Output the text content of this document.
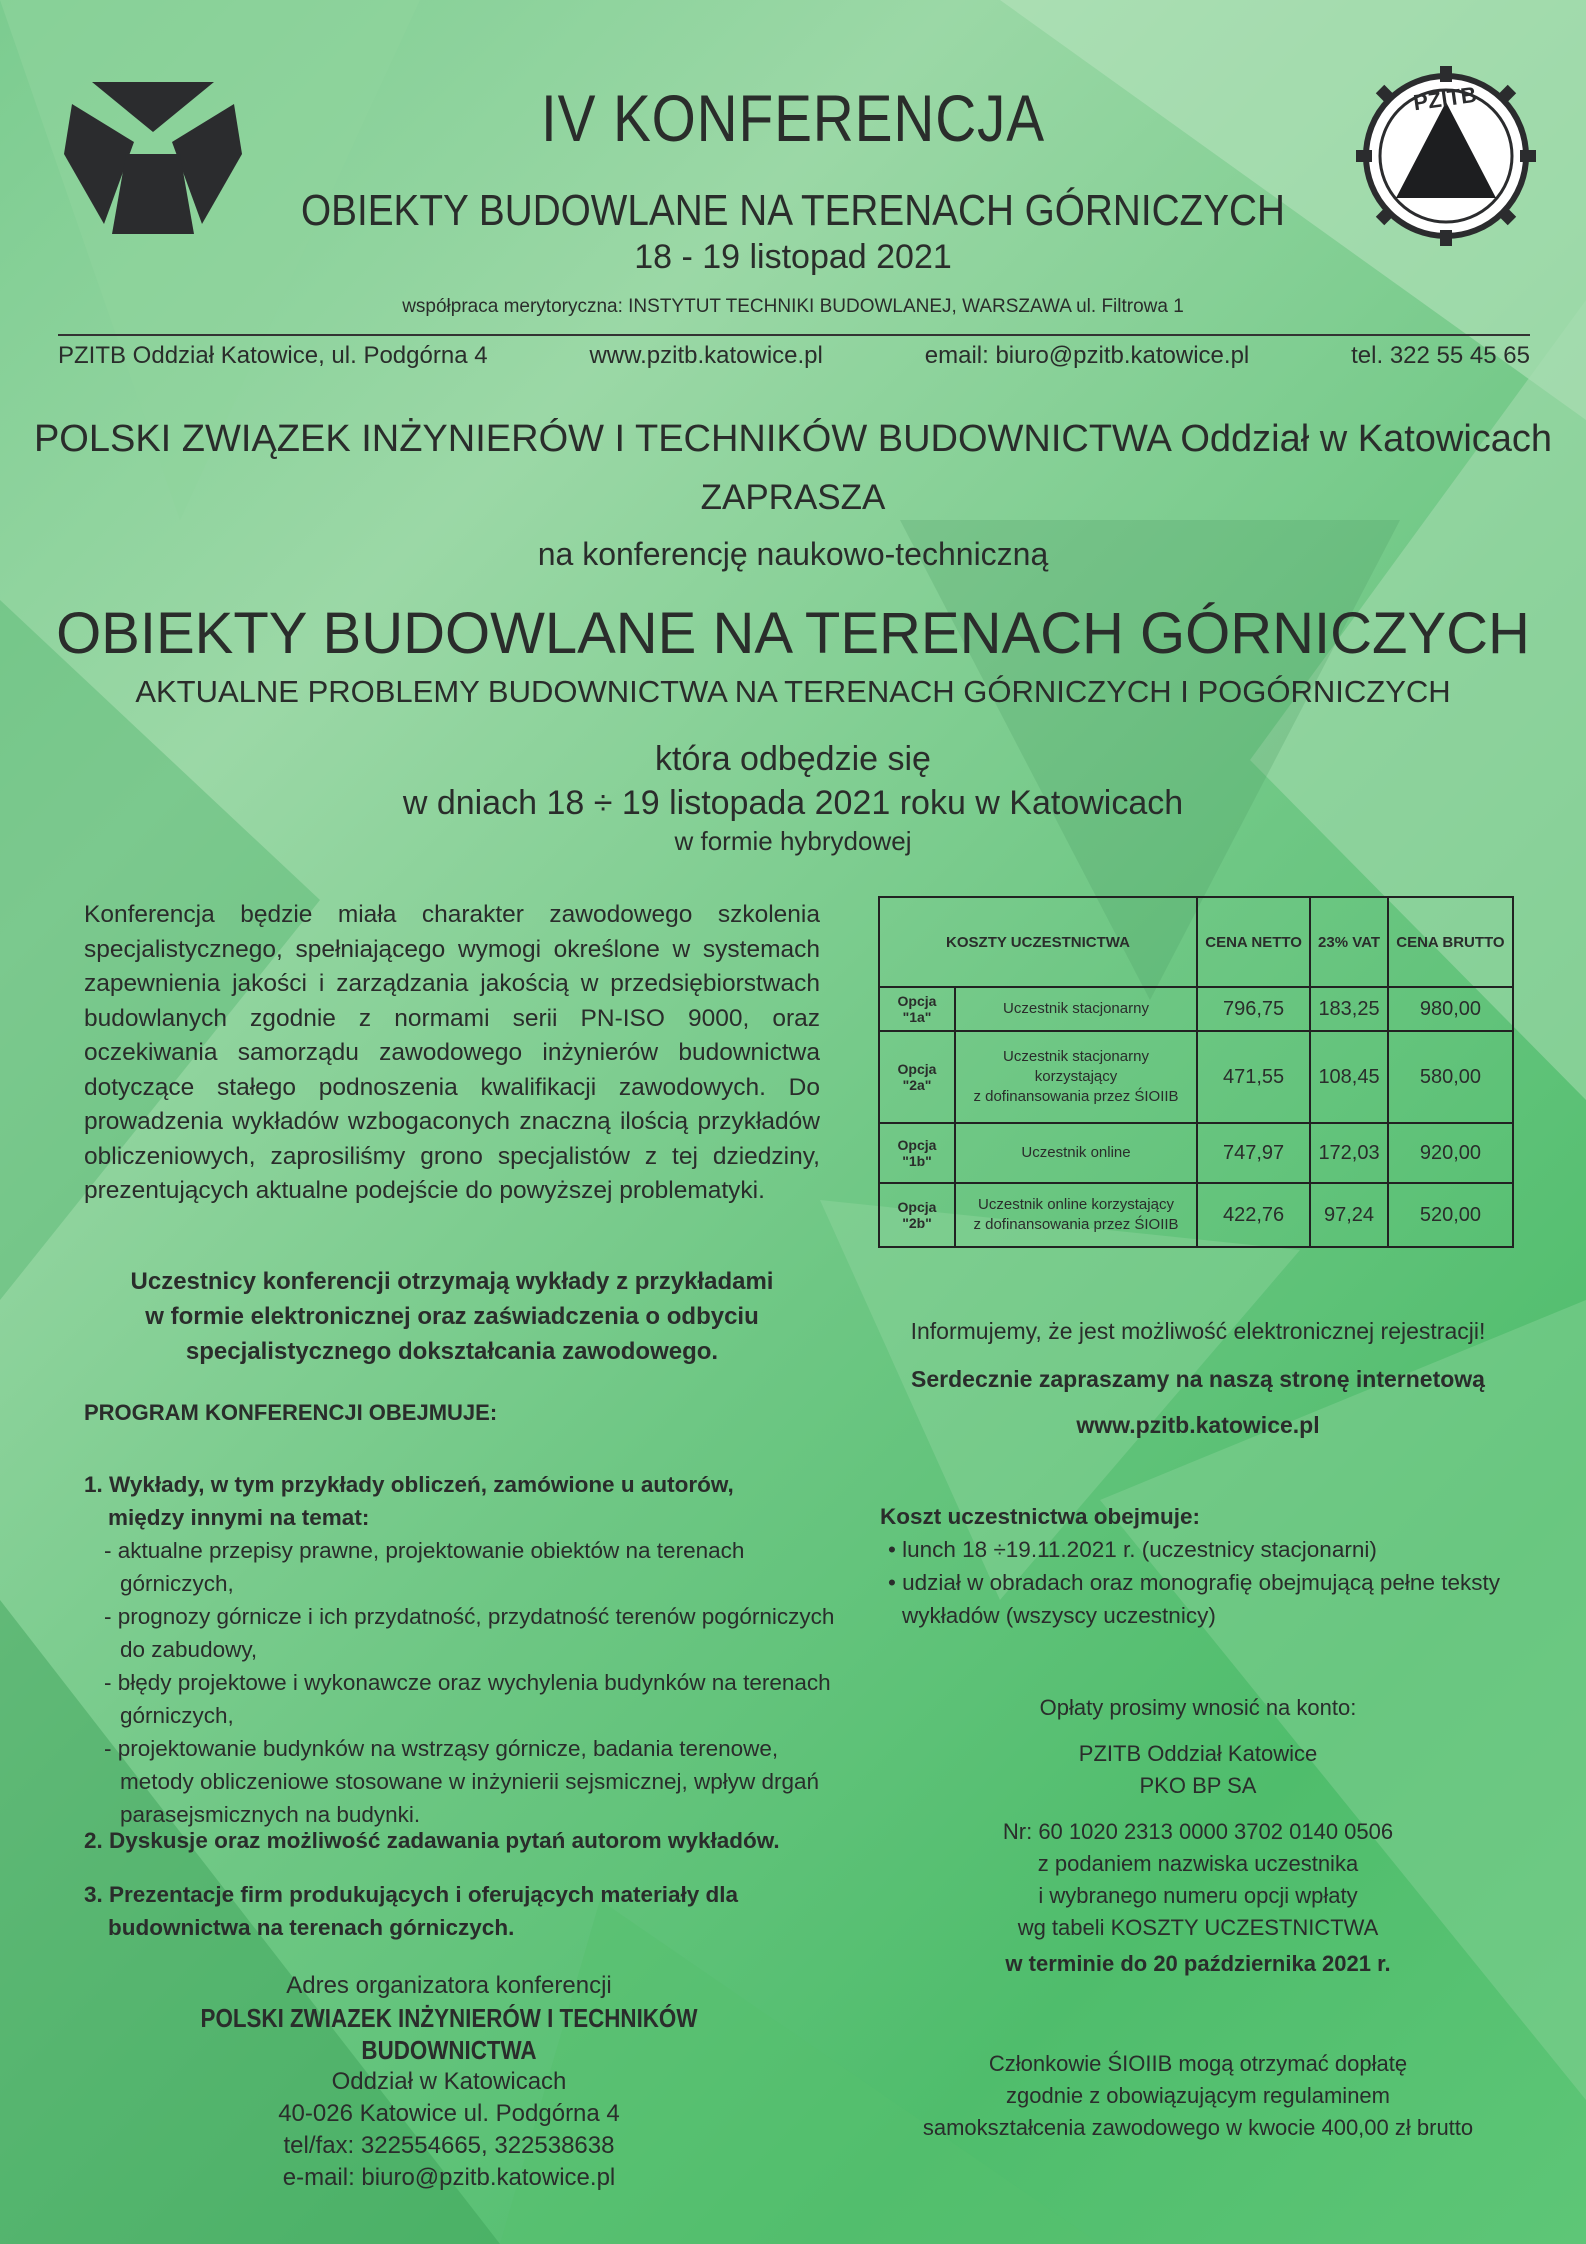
PZITB
IV KONFERENCJA
OBIEKTY BUDOWLANE NA TERENACH GÓRNICZYCH
18 - 19 listopad 2021
współpraca merytoryczna: INSTYTUT TECHNIKI BUDOWLANEJ, WARSZAWA ul. Filtrowa 1
PZITB Oddział Katowice, ul. Podgórna 4	www.pzitb.katowice.pl	email: biuro@pzitb.katowice.pl	tel. 322 55 45 65
POLSKI ZWIĄZEK INŻYNIERÓW I TECHNIKÓW BUDOWNICTWA Oddział w Katowicach
ZAPRASZA
na konferencję naukowo-techniczną
OBIEKTY BUDOWLANE NA TERENACH GÓRNICZYCH
AKTUALNE PROBLEMY BUDOWNICTWA NA TERENACH GÓRNICZYCH I POGÓRNICZYCH
która odbędzie się
w dniach 18 ÷ 19 listopada 2021 roku w Katowicach
w formie hybrydowej
Konferencja będzie miała charakter zawodowego szkolenia specjalistycznego, spełniającego wymogi określone w systemach zapewnienia jakości i zarządzania jakością w przedsiębiorstwach budowlanych zgodnie z normami serii PN-ISO 9000, oraz oczekiwania samorządu zawodowego inżynierów budownictwa dotyczące stałego podnoszenia kwalifikacji zawodowych. Do prowadzenia wykładów wzbogaconych znaczną ilością przykładów obliczeniowych, zaprosiliśmy grono specjalistów z tej dziedziny, prezentujących aktualne podejście do powyższej problematyki.
Uczestnicy konferencji otrzymają wykłady z przykładami
w formie elektronicznej oraz zaświadczenia o odbyciu
specjalistycznego dokształcania zawodowego.
PROGRAM KONFERENCJI OBEJMUJE:
1. Wykłady, w tym przykłady obliczeń, zamówione u autorów,
między innymi na temat:
- aktualne przepisy prawne, projektowanie obiektów na terenach górniczych,
- prognozy górnicze i ich przydatność, przydatność terenów pogórniczych do zabudowy,
- błędy projektowe i wykonawcze oraz wychylenia budynków na terenach górniczych,
- projektowanie budynków na wstrząsy górnicze, badania terenowe, metody obliczeniowe stosowane w inżynierii sejsmicznej, wpływ drgań parasejsmicznych na budynki.
2. Dyskusje oraz możliwość zadawania pytań autorom wykładów.
3. Prezentacje firm produkujących i oferujących materiały dla
budownictwa na terenach górniczych.
Adres organizatora konferencji
POLSKI ZWIAZEK INŻYNIERÓW I TECHNIKÓW BUDOWNICTWA
Oddział w Katowicach
40-026 Katowice ul. Podgórna 4
tel/fax: 322554665, 322538638
e-mail: biuro@pzitb.katowice.pl
KOSZTY UCZESTNICTWA		CENA NETTO	23% VAT	CENA BRUTTO
Opcja "1a"	Uczestnik stacjonarny	796,75	183,25	980,00
Opcja "2a"	Uczestnik stacjonarny korzystający
z dofinansowania przez ŚIOIIB	471,55	108,45	580,00
Opcja "1b"	Uczestnik online	747,97	172,03	920,00
Opcja "2b"	Uczestnik online korzystający
z dofinansowania przez ŚIOIIB	422,76	97,24	520,00
Informujemy, że jest możliwość elektronicznej rejestracji!
Serdecznie zapraszamy na naszą stronę internetową
www.pzitb.katowice.pl
Koszt uczestnictwa obejmuje:
• lunch 18 ÷19.11.2021 r. (uczestnicy stacjonarni)
• udział w obradach oraz monografię obejmującą pełne teksty wykładów (wszyscy uczestnicy)
Opłaty prosimy wnosić na konto:
PZITB Oddział Katowice
PKO BP SA
Nr: 60 1020 2313 0000 3702 0140 0506
z podaniem nazwiska uczestnika
i wybranego numeru opcji wpłaty
wg tabeli KOSZTY UCZESTNICTWA
w terminie do 20 października 2021 r.
Członkowie ŚIOIIB mogą otrzymać dopłatę
zgodnie z obowiązującym regulaminem
samokształcenia zawodowego w kwocie 400,00 zł brutto
